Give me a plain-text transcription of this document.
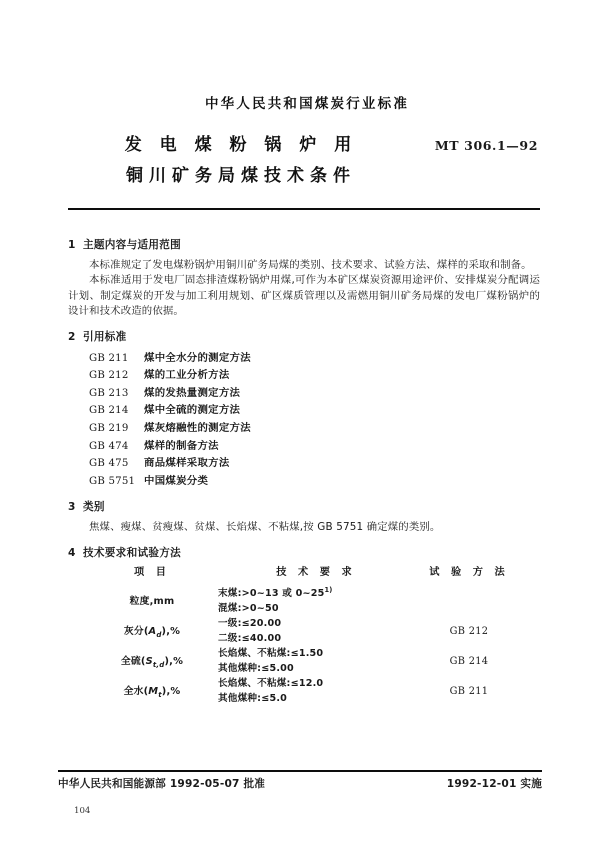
中华人民共和国煤炭行业标准
发 电 煤 粉 锅 炉 用
铜川矿务局煤技术条件
MT 306.1—92
1 主题内容与适用范围

本标准规定了发电煤粉锅炉用铜川矿务局煤的类别、技术要求、试验方法、煤样的采取和制备。

本标准适用于发电厂固态排渣煤粉锅炉用煤,可作为本矿区煤炭资源用途评价、安排煤炭分配调运计划、制定煤炭的开发与加工利用规划、矿区煤质管理以及需燃用铜川矿务局煤的发电厂煤粉锅炉的设计和技术改造的依据。

2 引用标准
GB 211 煤中全水分的测定方法
GB 212 煤的工业分析方法
GB 213 煤的发热量测定方法
GB 214 煤中全硫的测定方法
GB 219 煤灰熔融性的测定方法
GB 474 煤样的制备方法
GB 475 商品煤样采取方法
GB 5751 中国煤炭分类
3 类别

焦煤、瘦煤、贫瘦煤、贫煤、长焰煤、不粘煤,按 GB 5751 确定煤的类别。

4 技术要求和试验方法
项 目	技 术 要 求	试 验 方 法
粒度,mm	末煤:>0~13 或 0~25$^{1)}$
混煤:>0~50	

灰分$(A_d),\%$	一级:≤20.00
二级:≤40.00	GB 212
全硫$(S_{t,d}),\%$	长焰煤、不粘煤:≤1.50
其他煤种:≤5.00	GB 214
全水$(M_t),\%$	长焰煤、不粘煤:≤12.0
其他煤种:≤5.0	GB 211
中华人民共和国能源部 1992-05-07 批准	1992-12-01 实施
104
